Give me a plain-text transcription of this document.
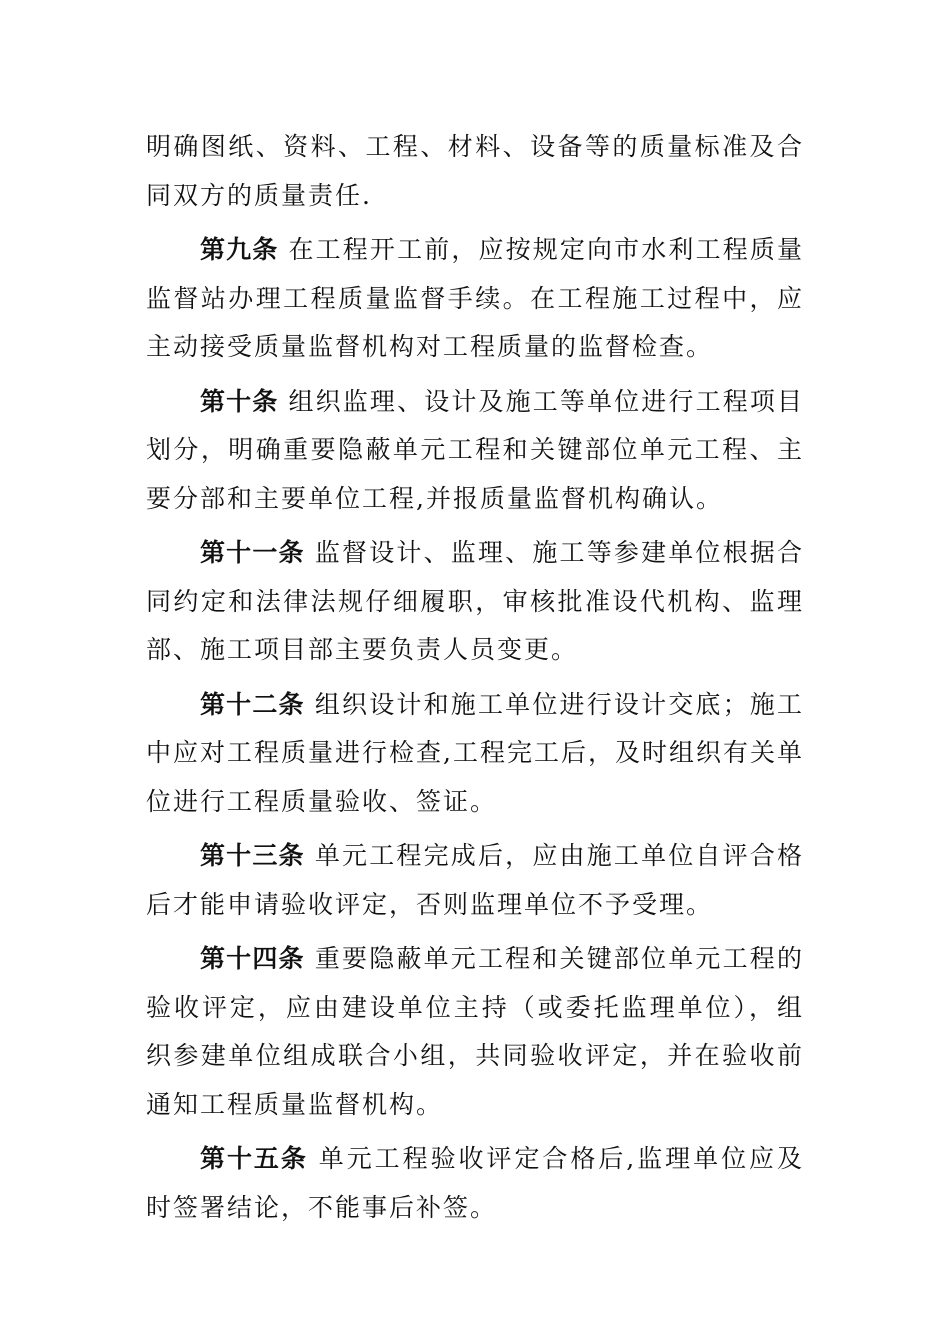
明确图纸、资料、工程、材料、设备等的质量标准及合同双方的质量责任.

第九条 在工程开工前，应按规定向市水利工程质量监督站办理工程质量监督手续。在工程施工过程中，应主动接受质量监督机构对工程质量的监督检查。

第十条 组织监理、设计及施工等单位进行工程项目划分，明确重要隐蔽单元工程和关键部位单元工程、主要分部和主要单位工程,并报质量监督机构确认。

第十一条 监督设计、监理、施工等参建单位根据合同约定和法律法规仔细履职，审核批准设代机构、监理部、施工项目部主要负责人员变更。

第十二条 组织设计和施工单位进行设计交底；施工中应对工程质量进行检查,工程完工后，及时组织有关单位进行工程质量验收、签证。

第十三条 单元工程完成后，应由施工单位自评合格后才能申请验收评定，否则监理单位不予受理。

第十四条 重要隐蔽单元工程和关键部位单元工程的验收评定，应由建设单位主持（或委托监理单位），组织参建单位组成联合小组，共同验收评定，并在验收前通知工程质量监督机构。

第十五条 单元工程验收评定合格后,监理单位应及时签署结论，不能事后补签。
